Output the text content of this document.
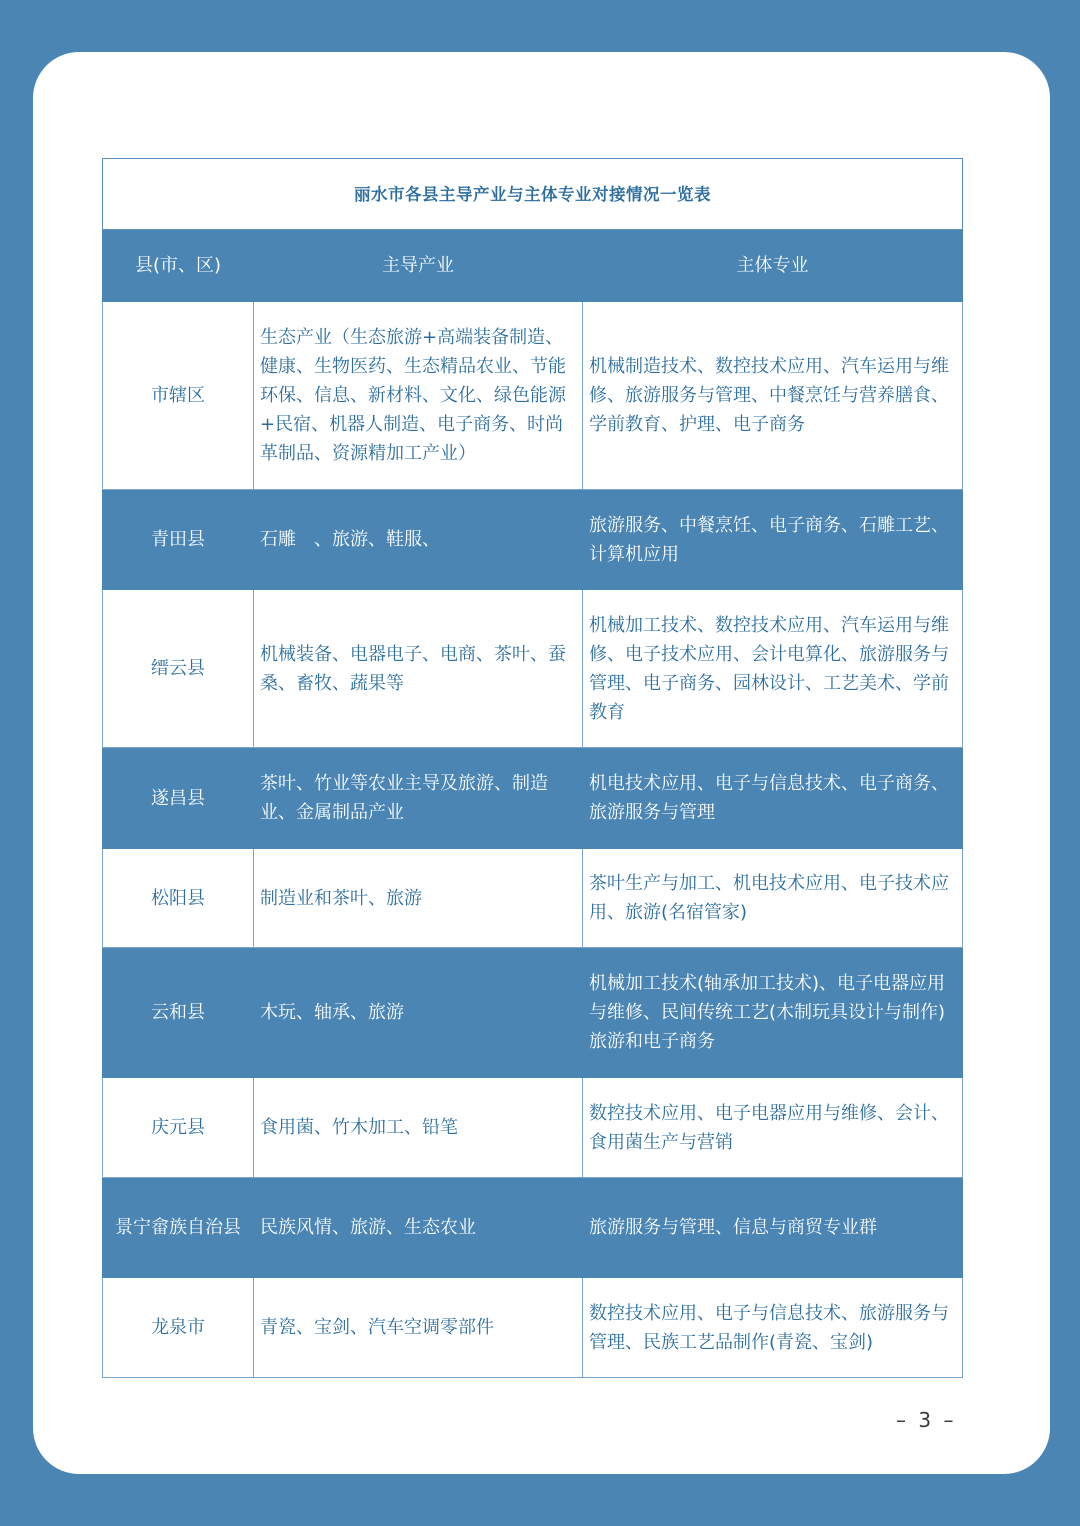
丽水市各县主导产业与主体专业对接情况一览表		
县(市、区)	主导产业	主体专业
市辖区	生态产业（生态旅游+高端装备制造、健康、生物医药、生态精品农业、节能环保、信息、新材料、文化、绿色能源+民宿、机器人制造、电子商务、时尚革制品、资源精加工产业）	机械制造技术、数控技术应用、汽车运用与维修、旅游服务与管理、中餐烹饪与营养膳食、学前教育、护理、电子商务
青田县	石雕　、旅游、鞋服、	旅游服务、中餐烹饪、电子商务、石雕工艺、计算机应用
缙云县	机械装备、电器电子、电商、茶叶、蚕桑、畜牧、蔬果等	机械加工技术、数控技术应用、汽车运用与维修、电子技术应用、会计电算化、旅游服务与管理、电子商务、园林设计、工艺美术、学前教育
遂昌县	茶叶、竹业等农业主导及旅游、制造业、金属制品产业	机电技术应用、电子与信息技术、电子商务、旅游服务与管理
松阳县	制造业和茶叶、旅游	茶叶生产与加工、机电技术应用、电子技术应用、旅游(名宿管家)
云和县	木玩、轴承、旅游	机械加工技术(轴承加工技术)、电子电器应用与维修、民间传统工艺(木制玩具设计与制作)旅游和电子商务
庆元县	食用菌、竹木加工、铅笔	数控技术应用、电子电器应用与维修、会计、食用菌生产与营销
景宁畲族自治县	民族风情、旅游、生态农业	旅游服务与管理、信息与商贸专业群
龙泉市	青瓷、宝剑、汽车空调零部件	数控技术应用、电子与信息技术、旅游服务与管理、民族工艺品制作(青瓷、宝剑)
– 3 –
